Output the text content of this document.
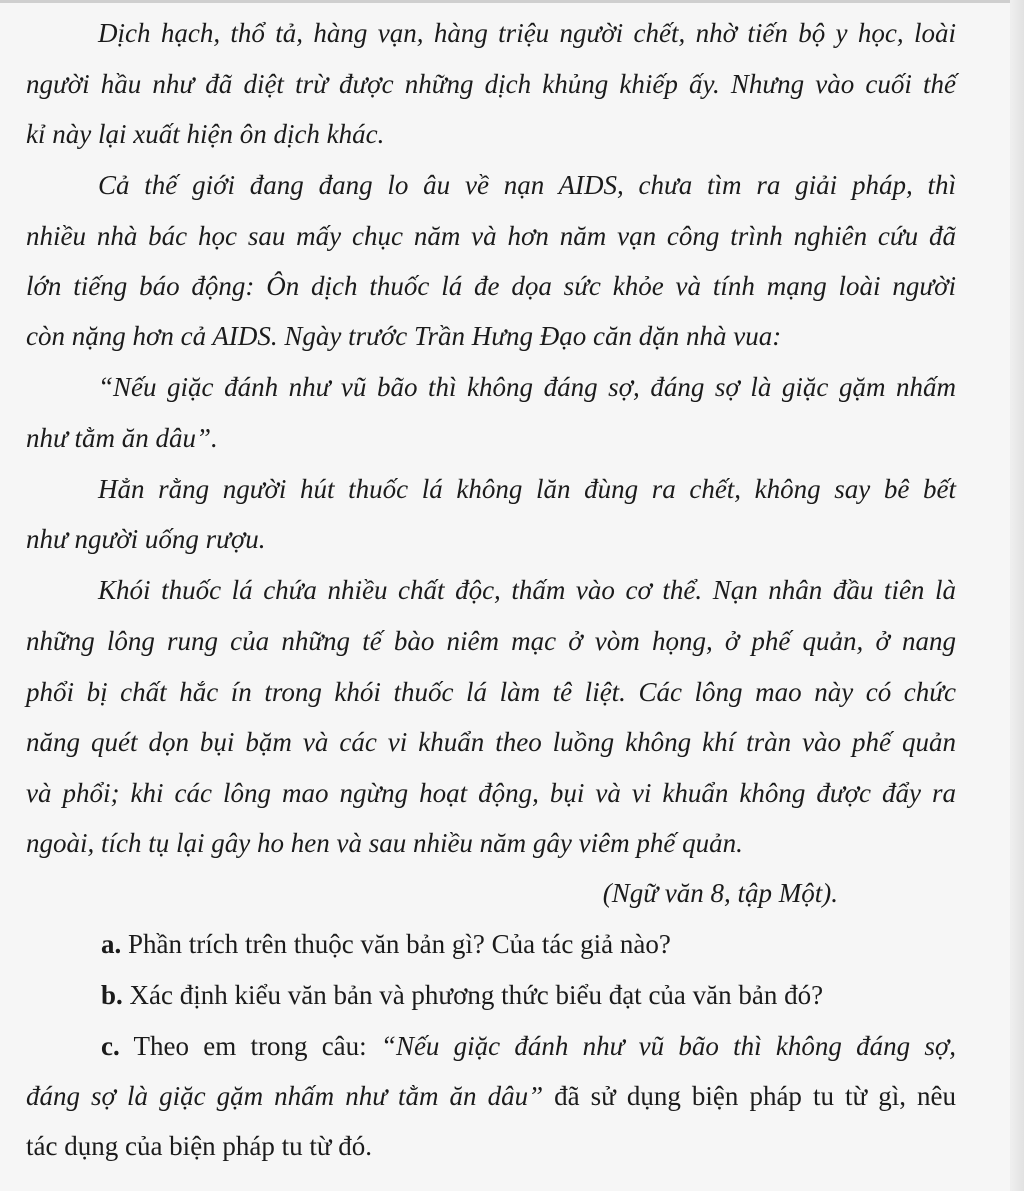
Dịch hạch, thổ tả, hàng vạn, hàng triệu người chết, nhờ tiến bộ y học, loài
người hầu như đã diệt trừ được những dịch khủng khiếp ấy. Nhưng vào cuối thế
kỉ này lại xuất hiện ôn dịch khác.
Cả thế giới đang đang lo âu về nạn AIDS, chưa tìm ra giải pháp, thì
nhiều nhà bác học sau mấy chục năm và hơn năm vạn công trình nghiên cứu đã
lớn tiếng báo động: Ôn dịch thuốc lá đe dọa sức khỏe và tính mạng loài người
còn nặng hơn cả AIDS. Ngày trước Trần Hưng Đạo căn dặn nhà vua:
“Nếu giặc đánh như vũ bão thì không đáng sợ, đáng sợ là giặc gặm nhấm
như tằm ăn dâu”.
Hẳn rằng người hút thuốc lá không lăn đùng ra chết, không say bê bết
như người uống rượu.
Khói thuốc lá chứa nhiều chất độc, thấm vào cơ thể. Nạn nhân đầu tiên là
những lông rung của những tế bào niêm mạc ở vòm họng, ở phế quản, ở nang
phổi bị chất hắc ín trong khói thuốc lá làm tê liệt. Các lông mao này có chức
năng quét dọn bụi bặm và các vi khuẩn theo luồng không khí tràn vào phế quản
và phổi; khi các lông mao ngừng hoạt động, bụi và vi khuẩn không được đẩy ra
ngoài, tích tụ lại gây ho hen và sau nhiều năm gây viêm phế quản.
(Ngữ văn 8, tập Một).
a. Phần trích trên thuộc văn bản gì? Của tác giả nào?
b. Xác định kiểu văn bản và phương thức biểu đạt của văn bản đó?
c. Theo em trong câu: “Nếu giặc đánh như vũ bão thì không đáng sợ,
đáng sợ là giặc gặm nhấm như tằm ăn dâu” đã sử dụng biện pháp tu từ gì, nêu
tác dụng của biện pháp tu từ đó.
